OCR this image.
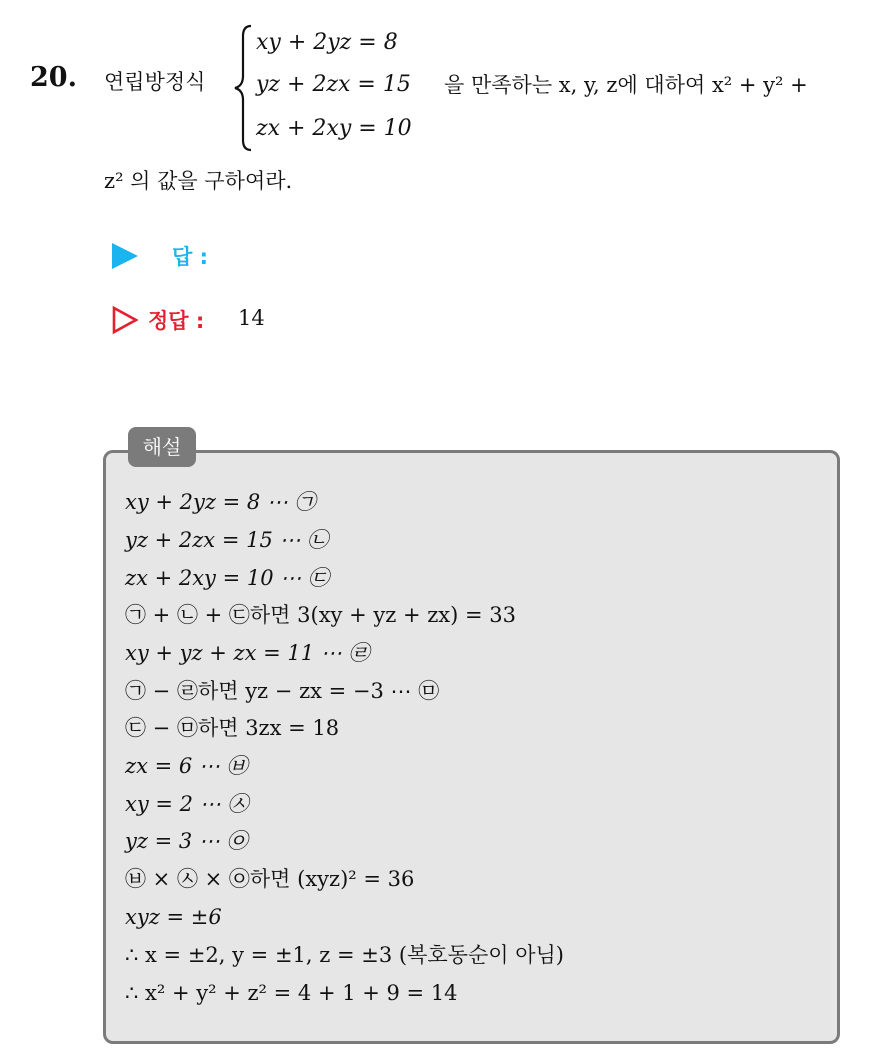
20. 연립방정식
xy + 2yz = 8
yz + 2zx = 15
zx + 2xy = 10
을 만족하는 x, y, z에 대하여 x² + y² +
z² 의 값을 구하여라.
답 :
정답 : 14
해설
xy + 2yz = 8 ⋯ ㉠
yz + 2zx = 15 ⋯ ㉡
zx + 2xy = 10 ⋯ ㉢
㉠ + ㉡ + ㉢하면 3(xy + yz + zx) = 33
xy + yz + zx = 11 ⋯ ㉣
㉠ − ㉣하면 yz − zx = −3 ⋯ ㉤
㉢ − ㉤하면 3zx = 18
zx = 6 ⋯ ㉥
xy = 2 ⋯ ㉦
yz = 3 ⋯ ㉧
㉥ × ㉦ × ㉧하면 (xyz)² = 36
xyz = ±6
∴ x = ±2, y = ±1, z = ±3 (복호동순이 아님)
∴ x² + y² + z² = 4 + 1 + 9 = 14
